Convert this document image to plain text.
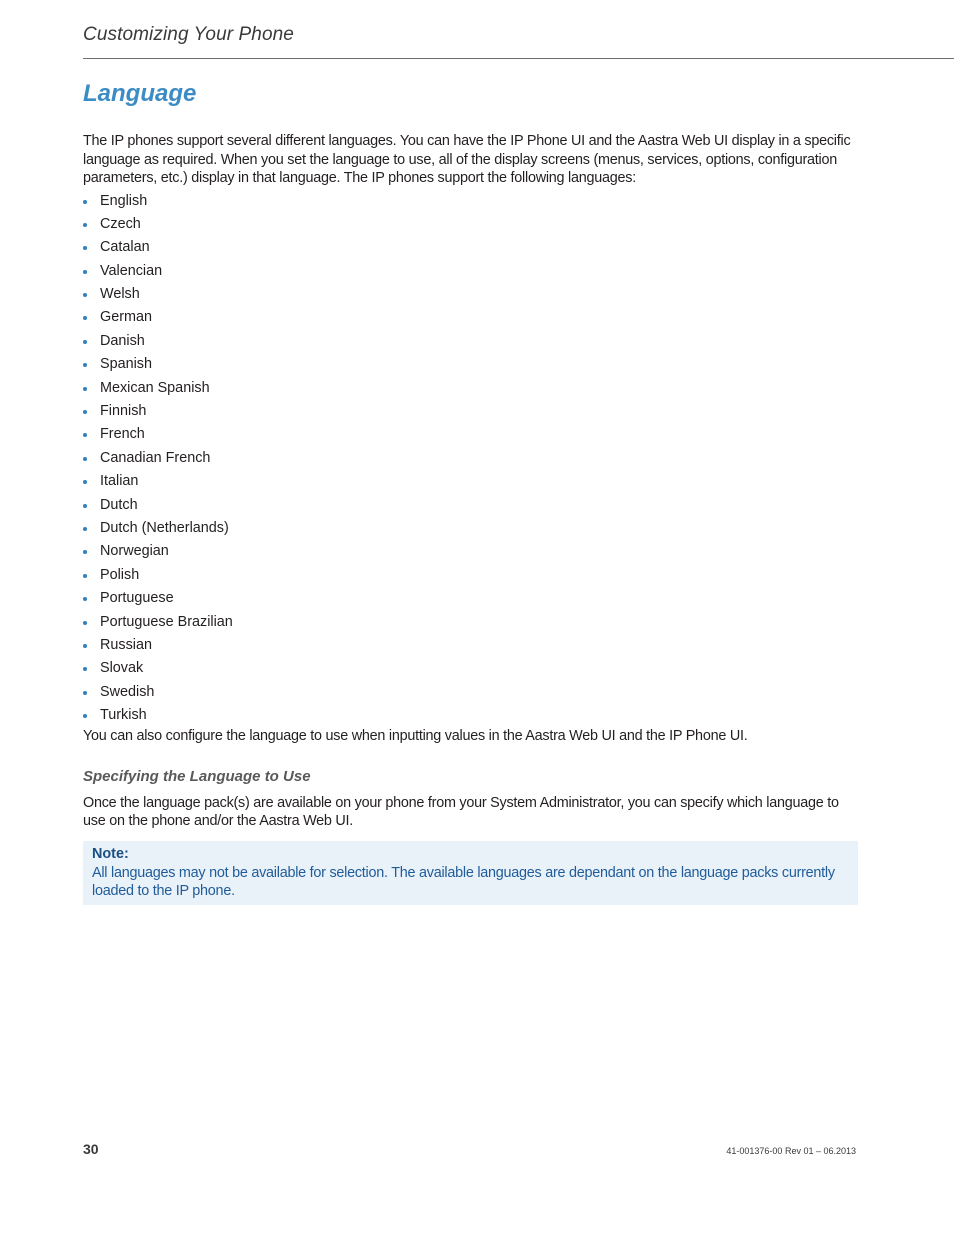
Customizing Your Phone
Language

The IP phones support several different languages. You can have the IP Phone UI and the Aastra Web UI display in a specific language as required. When you set the language to use, all of the display screens (menus, services, options, configuration parameters, etc.) display in that language. The IP phones support the following languages:

English
Czech
Catalan
Valencian
Welsh
German
Danish
Spanish
Mexican Spanish
Finnish
French
Canadian French
Italian
Dutch
Dutch (Netherlands)
Norwegian
Polish
Portuguese
Portuguese Brazilian
Russian
Slovak
Swedish
Turkish

You can also configure the language to use when inputting values in the Aastra Web UI and the IP Phone UI.

Specifying the Language to Use

Once the language pack(s) are available on your phone from your System Administrator, you can specify which language to use on the phone and/or the Aastra Web UI.

Note:

All languages may not be available for selection. The available languages are dependant on the language packs currently loaded to the IP phone.

30	41-001376-00 Rev 01 – 06.2013
